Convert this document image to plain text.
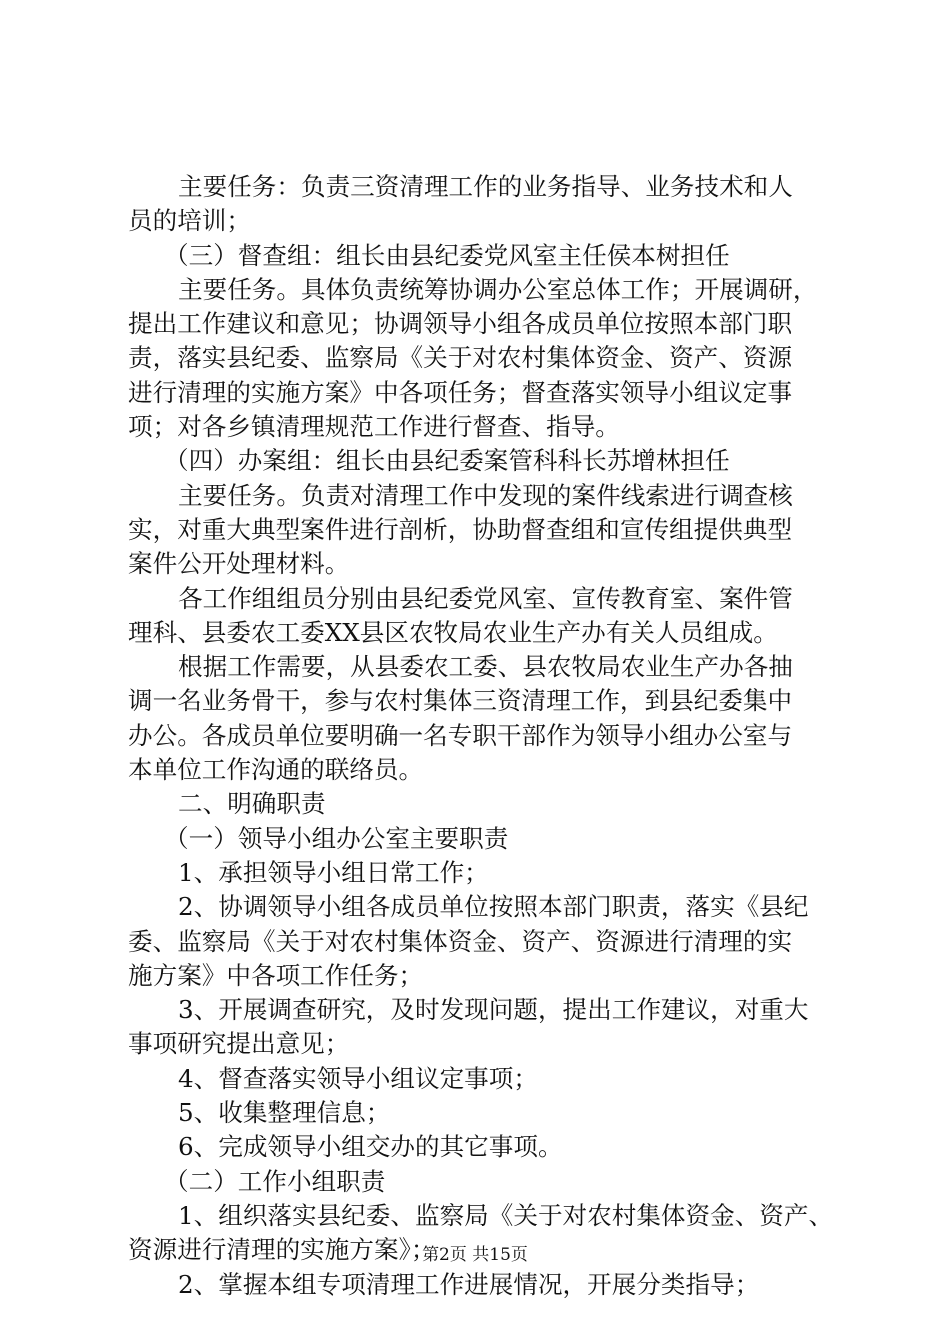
主要任务：负责三资清理工作的业务指导、业务技术和人
员的培训；
（三）督查组：组长由县纪委党风室主任侯本树担任
主要任务。具体负责统筹协调办公室总体工作；开展调研，
提出工作建议和意见；协调领导小组各成员单位按照本部门职
责，落实县纪委、监察局《关于对农村集体资金、资产、资源
进行清理的实施方案》中各项任务；督查落实领导小组议定事
项；对各乡镇清理规范工作进行督查、指导。
（四）办案组：组长由县纪委案管科科长苏增林担任
主要任务。负责对清理工作中发现的案件线索进行调查核
实，对重大典型案件进行剖析，协助督查组和宣传组提供典型
案件公开处理材料。
各工作组组员分别由县纪委党风室、宣传教育室、案件管
理科、县委农工委XX县区农牧局农业生产办有关人员组成。
根据工作需要，从县委农工委、县农牧局农业生产办各抽
调一名业务骨干，参与农村集体三资清理工作，到县纪委集中
办公。各成员单位要明确一名专职干部作为领导小组办公室与
本单位工作沟通的联络员。
二、明确职责
（一）领导小组办公室主要职责
1、承担领导小组日常工作；
2、协调领导小组各成员单位按照本部门职责，落实《县纪
委、监察局《关于对农村集体资金、资产、资源进行清理的实
施方案》中各项工作任务；
3、开展调查研究，及时发现问题，提出工作建议，对重大
事项研究提出意见；
4、督查落实领导小组议定事项；
5、收集整理信息；
6、完成领导小组交办的其它事项。
（二）工作小组职责
1、组织落实县纪委、监察局《关于对农村集体资金、资产、
资源进行清理的实施方案》；
2、掌握本组专项清理工作进展情况，开展分类指导；
第2页 共15页
